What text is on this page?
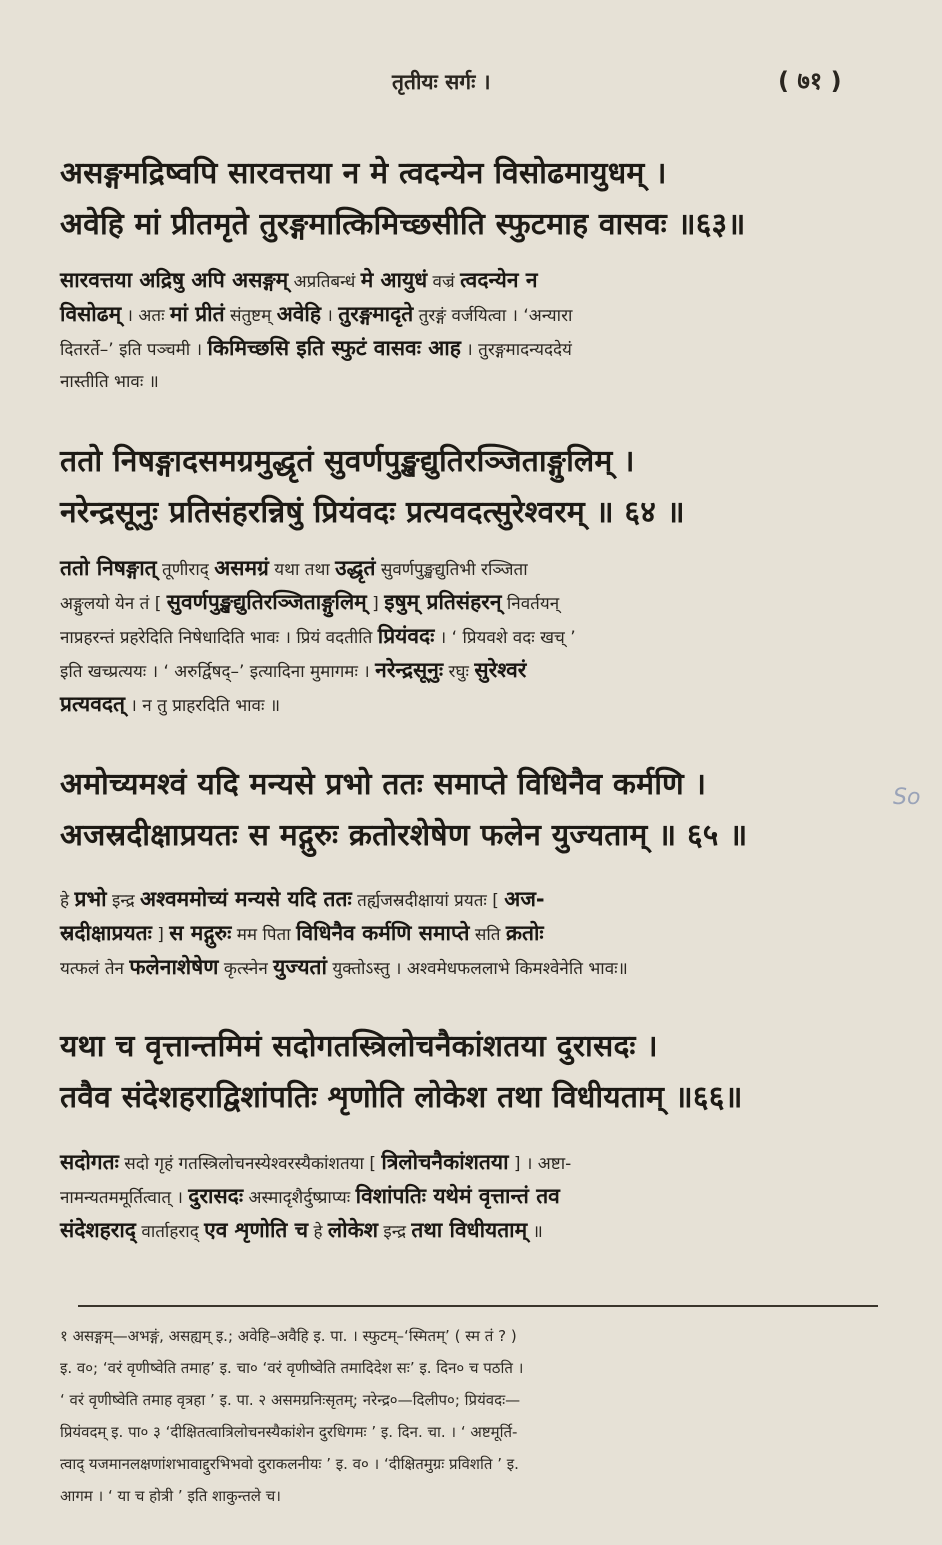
तृतीयः सर्गः ।	( ७१ )
असङ्गमद्रिष्वपि सारवत्तया न मे त्वदन्येन विसोढमायुधम् ।
अवेहि मां प्रीतमृते तुरङ्गमात्किमिच्छसीति स्फुटमाह वासवः ॥६३॥
सारवत्तया अद्रिषु अपि असङ्गम् अप्रतिबन्धं मे आयुधं वज्रं त्वदन्येन न
विसोढम् । अतः मां प्रीतं संतुष्टम् अवेहि । तुरङ्गमादृते तुरङ्गं वर्जयित्वा । ‘अन्यारा
दितरर्ते–’ इति पञ्चमी । किमिच्छसि इति स्फुटं वासवः आह । तुरङ्गमादन्यददेयं
नास्तीति भावः ॥
ततो निषङ्गादसमग्रमुद्धृतं सुवर्णपुङ्खद्युतिरञ्जिताङ्गुलिम् ।
नरेन्द्रसूनुः प्रतिसंहरन्निषुं प्रियंवदः प्रत्यवदत्सुरेश्वरम् ॥ ६४ ॥
ततो निषङ्गात् तूणीराद् असमग्रं यथा तथा उद्धृतं सुवर्णपुङ्खद्युतिभी रञ्जिता
अङ्गुलयो येन तं [ सुवर्णपुङ्खद्युतिरञ्जिताङ्गुलिम् ] इषुम् प्रतिसंहरन् निवर्तयन्
नाप्रहरन्तं प्रहरेदिति निषेधादिति भावः । प्रियं वदतीति प्रियंवदः । ‘ प्रियवशे वदः खच् ’
इति खच्प्रत्ययः । ‘ अरुर्द्विषद्–’ इत्यादिना मुमागमः । नरेन्द्रसूनुः रघुः सुरेश्वरं
प्रत्यवदत् । न तु प्राहरदिति भावः ॥
अमोच्यमश्वं यदि मन्यसे प्रभो ततः समाप्ते विधिनैव कर्मणि ।
अजस्रदीक्षाप्रयतः स मद्गुरुः क्रतोरशेषेण फलेन युज्यताम् ॥ ६५ ॥
So
हे प्रभो इन्द्र अश्वममोच्यं मन्यसे यदि ततः तर्ह्यजस्रदीक्षायां प्रयतः [ अज-
स्रदीक्षाप्रयतः ] स मद्गुरुः मम पिता विधिनैव कर्मणि समाप्ते सति क्रतोः
यत्फलं तेन फलेनाशेषेण कृत्स्नेन युज्यतां युक्तोऽस्तु । अश्वमेधफललाभे किमश्वेनेति भावः॥
यथा च वृत्तान्तमिमं सदोगतस्त्रिलोचनैकांशतया दुरासदः ।
तवैव संदेशहराद्विशांपतिः शृणोति लोकेश तथा विधीयताम् ॥६६॥
सदोगतः सदो गृहं गतस्त्रिलोचनस्येश्वरस्यैकांशतया [ त्रिलोचनैकांशतया ] । अष्टा-
नामन्यतममूर्तित्वात् । दुरासदः अस्मादृशैर्दुष्प्राप्यः विशांपतिः यथेमं वृत्तान्तं तव
संदेशहराद् वार्ताहराद् एव शृणोति च हे लोकेश इन्द्र तथा विधीयताम् ॥
१ असङ्गम्—अभङ्गं, असह्यम् इ.; अवेहि–अवैहि इ. पा. । स्फुटम्–‘स्मितम्’ ( स्म तं ? )
इ. व०; ‘वरं वृणीष्वेति तमाह’ इ. चा० ‘वरं वृणीष्वेति तमादिदेश सः’ इ. दिन० च पठति ।
‘ वरं वृणीष्वेति तमाह वृत्रहा ’ इ. पा. २ असमग्रनिःसृतम्; नरेन्द्र०—दिलीप०; प्रियंवदः—
प्रियंवदम् इ. पा० ३ ‘दीक्षितत्वात्रिलोचनस्यैकांशेन दुरधिगमः ’ इ. दिन. चा. । ‘ अष्टमूर्ति-
त्वाद् यजमानलक्षणांशभावाद्दुरभिभवो दुराकलनीयः ’ इ. व० । ‘दीक्षितमुग्रः प्रविशति ’ इ.
आगम । ‘ या च होत्री ’ इति शाकुन्तले च।
